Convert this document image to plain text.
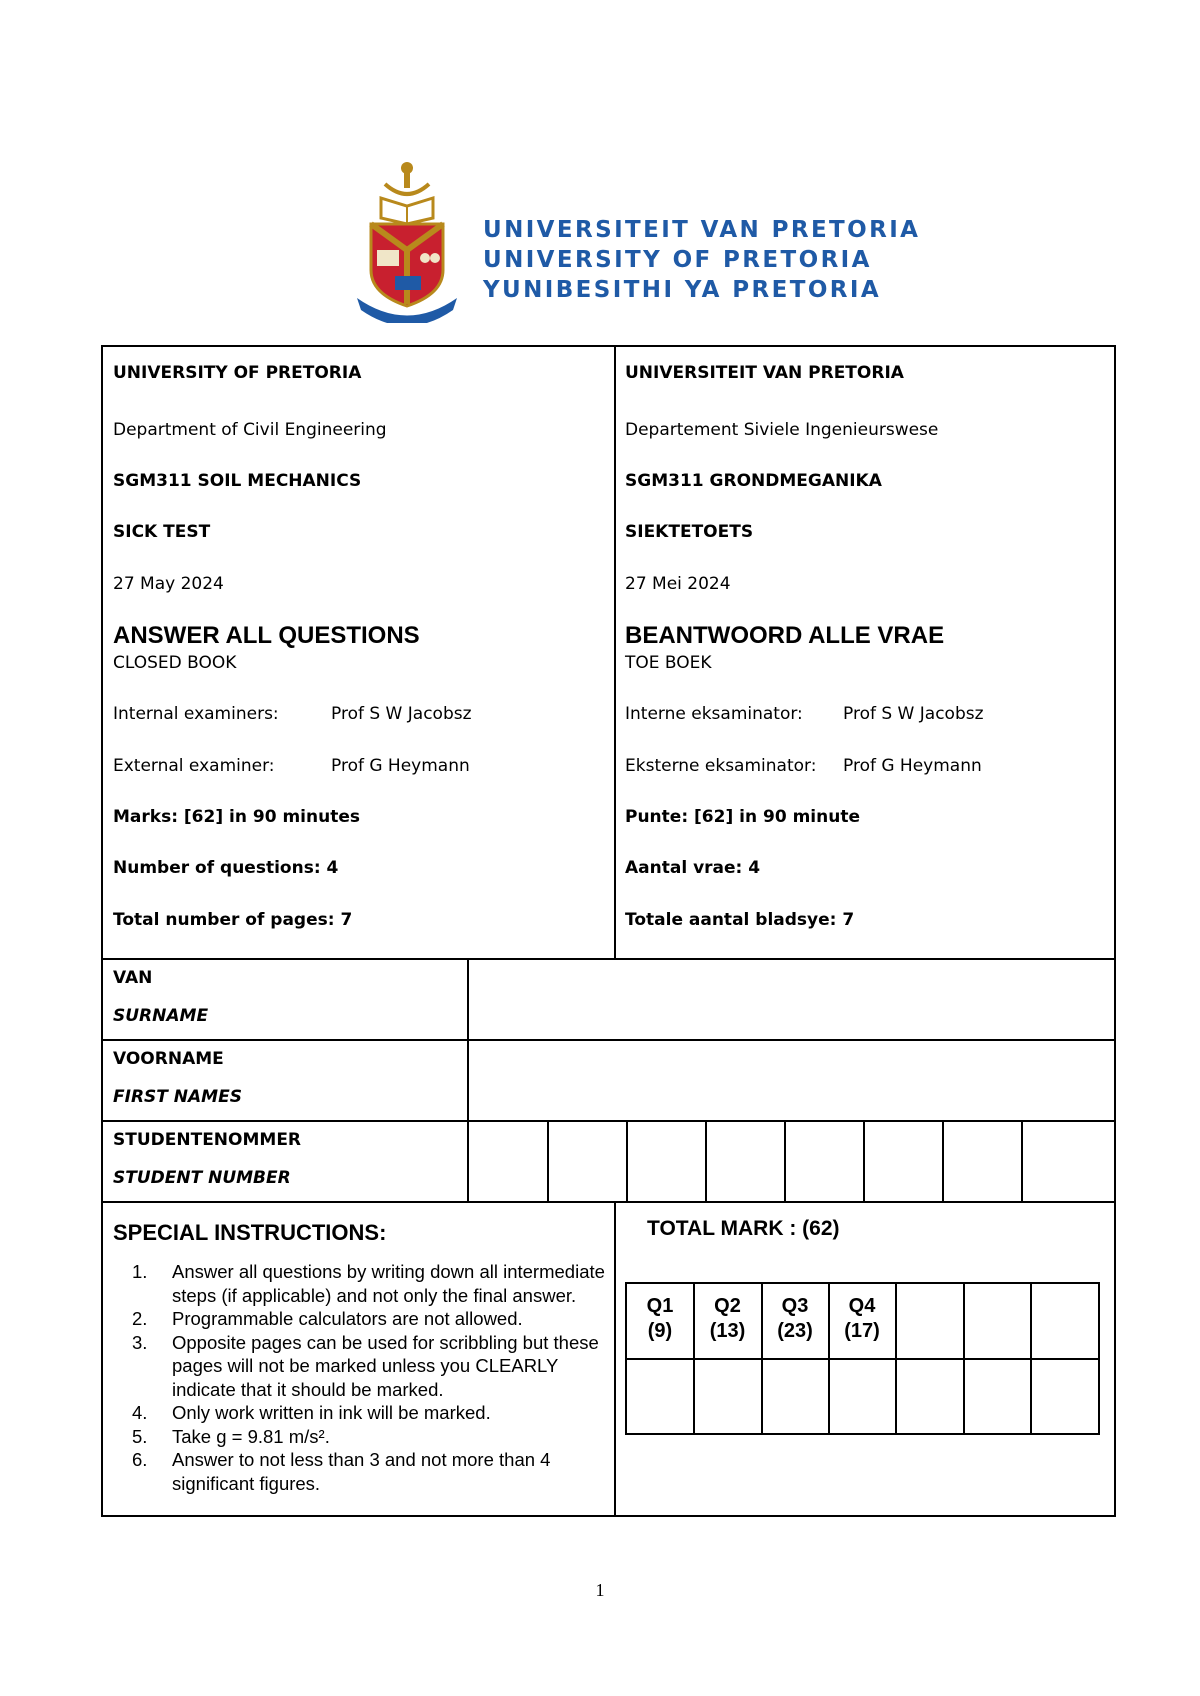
UNIVERSITEIT VAN PRETORIA
UNIVERSITY OF PRETORIA
YUNIBESITHI YA PRETORIA
UNIVERSITY OF PRETORIA
Department of Civil Engineering
SGM311 SOIL MECHANICS
SICK TEST
27 May 2024
ANSWER ALL QUESTIONS
CLOSED BOOK
Internal examiners:	Prof S W Jacobsz
External examiner:	Prof G Heymann
Marks: [62] in 90 minutes
Number of questions: 4
Total number of pages: 7
UNIVERSITEIT VAN PRETORIA
Departement Siviele Ingenieurswese
SGM311 GRONDMEGANIKA
SIEKTETOETS
27 Mei 2024
BEANTWOORD ALLE VRAE
TOE BOEK
Interne eksaminator: Prof S W Jacobsz
Eksterne eksaminator: Prof G Heymann
Punte: [62] in 90 minute
Aantal vrae: 4
Totale aantal bladsye: 7
VAN
SURNAME
VOORNAME
FIRST NAMES
STUDENTENOMMER
STUDENT NUMBER
SPECIAL INSTRUCTIONS:
1. Answer all questions by writing down all intermediate steps (if applicable) and not only the final answer.
2. Programmable calculators are not allowed.
3. Opposite pages can be used for scribbling but these pages will not be marked unless you CLEARLY indicate that it should be marked.
4. Only work written in ink will be marked.
5. Take g = 9.81 m/s².
6. Answer to not less than 3 and not more than 4 significant figures.
TOTAL MARK : (62)
Q1
(9)
Q2
(13)
Q3
(23)
Q4
(17)
1
